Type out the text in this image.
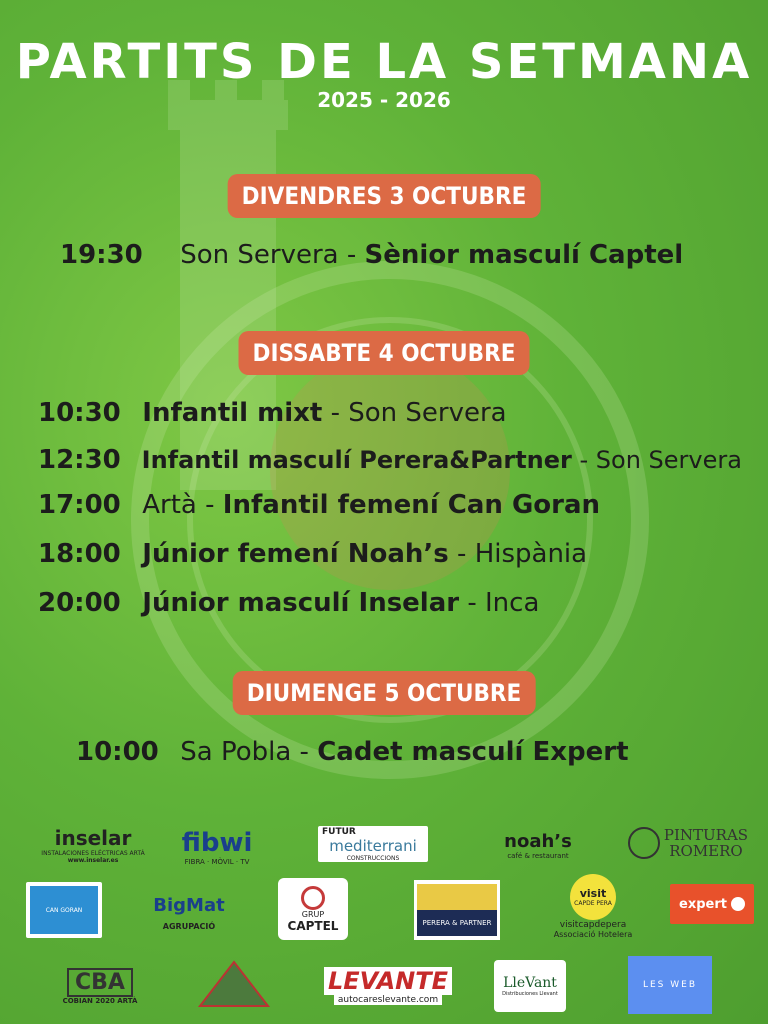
PARTITS DE LA SETMANA
2025 - 2026
DIVENDRES 3 OCTUBRE
19:30 Son Servera - Sènior masculí Captel
DISSABTE 4 OCTUBRE
10:30 Infantil mixt - Son Servera
12:30 Infantil masculí Perera&Partner - Son Servera
17:00 Artà - Infantil femení Can Goran
18:00 Júnior femení Noah’s - Hispània
20:00 Júnior masculí Inselar - Inca
DIUMENGE 5 OCTUBRE
10:00 Sa Pobla - Cadet masculí Expert
inselar
INSTALACIONES ELÉCTRICAS ARTÁ
www.inselar.es
fibwi
FIBRA · MÒVIL · TV
FUTUR
mediterrani
CONSTRUCCIONS
noah’s
café & restaurant
PINTURAS
ROMERO
CAN GORAN	BigMat
AGRUPACIÓ
GRUP
CAPTEL	PERERA & PARTNER
visit
CAPDE PERA
visitcapdepera
Associació Hotelera
expert
CBA
COBIAN 2020 ARTÀ
LEVANTE
autocareslevante.com
LleVant
Distribuciones Llevant
LES WEB
